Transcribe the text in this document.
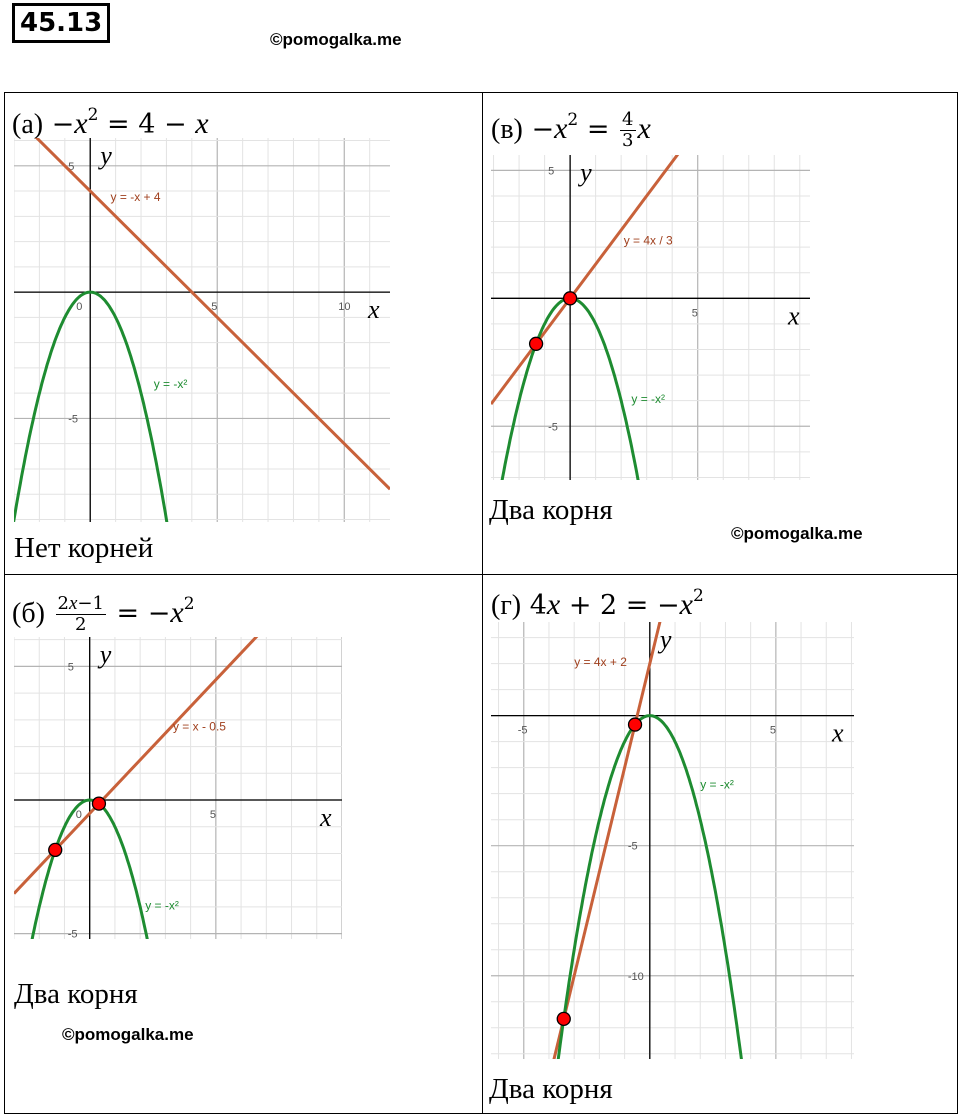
45.13
©pomogalka.me
$(а) -x^2 = 4 - x$
0	5	10
5
-5
x
y
y = -x + 4
y = -x²
Нет корней
$(в) -x^2 = \frac{4}{3}$ x
5
5
-5
x
y
y = 4x / 3
y = -x²
Два корня
©pomogalka.me
$(б) \frac{2x-1}{2} = -x^2$
0	5
5
-5
x
y
y = x - 0.5
y = -x²
Два корня
©pomogalka.me
(г) $4x + 2 = -x^2$
-5	5
-5
-10
x
y
y = 4x + 2
y = -x²
Два корня
